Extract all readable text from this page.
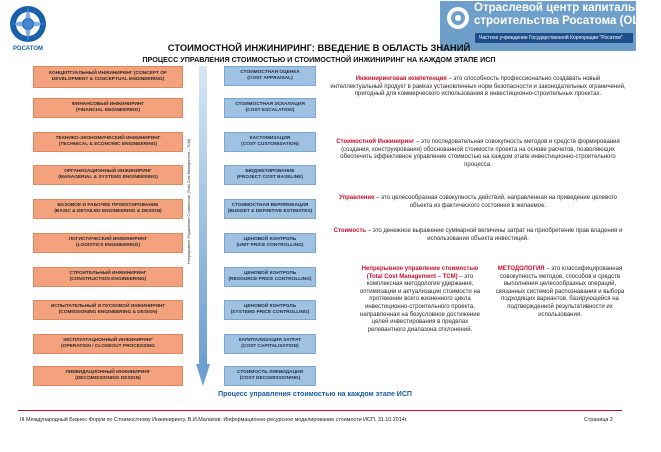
РОСАТОМ
Отраслевой центр капитального
строительства Росатома (ОЦКС)
Частное учреждение Государственной Корпорации "Росатом"
СТОИМОСТНОЙ ИНЖИНИРИНГ: ВВЕДЕНИЕ В ОБЛАСТЬ ЗНАНИЙ
ПРОЦЕСС УПРАВЛЕНИЯ СТОИМОСТЬЮ И СТОИМОСТНОЙ ИНЖИНИРИНГ НА КАЖДОМ ЭТАПЕ ИСП
КОНЦЕПТУАЛЬНЫЙ ИНЖИНИРИНГ (CONCEPT OF
DEVELOPMENT & CONCEPTUAL ENGINEERING)
ФИНАНСОВЫЙ ИНЖИНИРИНГ
(FINANCIAL ENGINEERING)
ТЕХНИКО-ЭКОНОМИЧЕСКИЙ ИНЖИНИРИНГ
(TECHNICAL & ECONOMIC ENGINEERING)
ОРГАНИЗАЦИОННЫЙ ИНЖИНИРИНГ
(MANAGERIAL & SYSTEMS ENGINEERING)
БАЗОВОЕ И РАБОЧЕЕ ПРОЕКТИРОВАНИЕ
(BASIC & DETAILED ENGINEERING & DESIGN)
ЛОГИСТИЧЕСКИЙ ИНЖИНИРИНГ
(LOGISTICS ENGINEERING)
СТРОИТЕЛЬНЫЙ ИНЖИНИРИНГ
(CONSTRUCTION ENGINEERING)
ИСПЫТАТЕЛЬНЫЙ И ПУСКОВОЙ ИНЖИНИРИНГ
(COMISSIONING ENGINEERING & DESIGN)
ЭКСПЛУАТАЦИОННЫЙ ИНЖИНИРИНГ
(OPERATION / CLOSEOUT PROCESSING
ЛИКВИДАЦИОННЫЙ ИНЖИНИРИНГ
(DECOMISSIONING DESIGN)
Непрерывное Управление Стоимостью (Total Cost Management – TCM)
СТОИМОСТНАЯ ОЦЕНКА
(COST APPRAISAL)
СТОИМОСТНАЯ ЭСКАЛАЦИЯ
(COST ESCALATION)
КАСТОМИЗАЦИЯ
(COST CUSTOMISATION)
БЮДЖЕТИРОВАНИЕ
(PROJECT COST BASELINE)
СТОИМОСТНАЯ ВЕРИФИКАЦИЯ
(BUDGET & DEFINITIVE ESTIMATES)
ЦЕНОВОЙ КОНТРОЛЬ
(UNIT PRICE CONTROLLING)
ЦЕНОВОЙ КОНТРОЛЬ
(RESOURCE PRICE CONTROLLING)
ЦЕНОВОЙ КОНТРОЛЬ
(SYSTEMS PRICE CONTROLLING)
КАПИТАЛИЗАЦИЯ ЗАТРАТ
(COST CAPITALISATION)
СТОИМОСТЬ ЛИКВИДАЦИИ
(COST DECOMISSIONING)
Процесс управления стоимостью на каждом этапе ИСП
Инжиниринговая компетенция – это способность профессионально создавать новый интеллектуальный продукт в рамках установленных норм безопасности и законодательных ограничений, пригодный для коммерческого использования в инвестиционно-строительных проектах.
Стоимостной Инжиниринг – это последовательная совокупность методов и средств формирования (создания, конструирования) обоснованной стоимости проекта на основе расчетов, позволяющих обеспечить эффективное управление стоимостью на каждом этапе инвестиционно-строительного процесса.
Управление – это целесообразная совокупность действий, направленная на приведение целевого объекта из фактического состояния в желаемое.
Стоимость – это денежное выражение суммарной величины затрат на приобретение прав владения и использования объекта инвестиций.
Непрерывное управление стоимостью (Total Cost Management – TCM) – это комплексная методология удержания, оптимизации и актуализации стоимости на протяжении всего жизненного цикла инвестиционно-строительного проекта, направленная на безусловное достижение целей инвестирования в пределах релевантного диапазона отклонений.
МЕТОДОЛОГИЯ – это классифицированная совокупность методов, способов и средств выполнения целесообразных операций, связанных системой распознавания и выбора подходящих вариантов, базирующейся на подтвержденной результативности их использования.
III Международный Бизнес-Форум по Стоимостному Инжинирингу. В.И.Малахов: Информационно-ресурсное моделирование стоимости ИСП. 31.10.2014г.	Страница 2
